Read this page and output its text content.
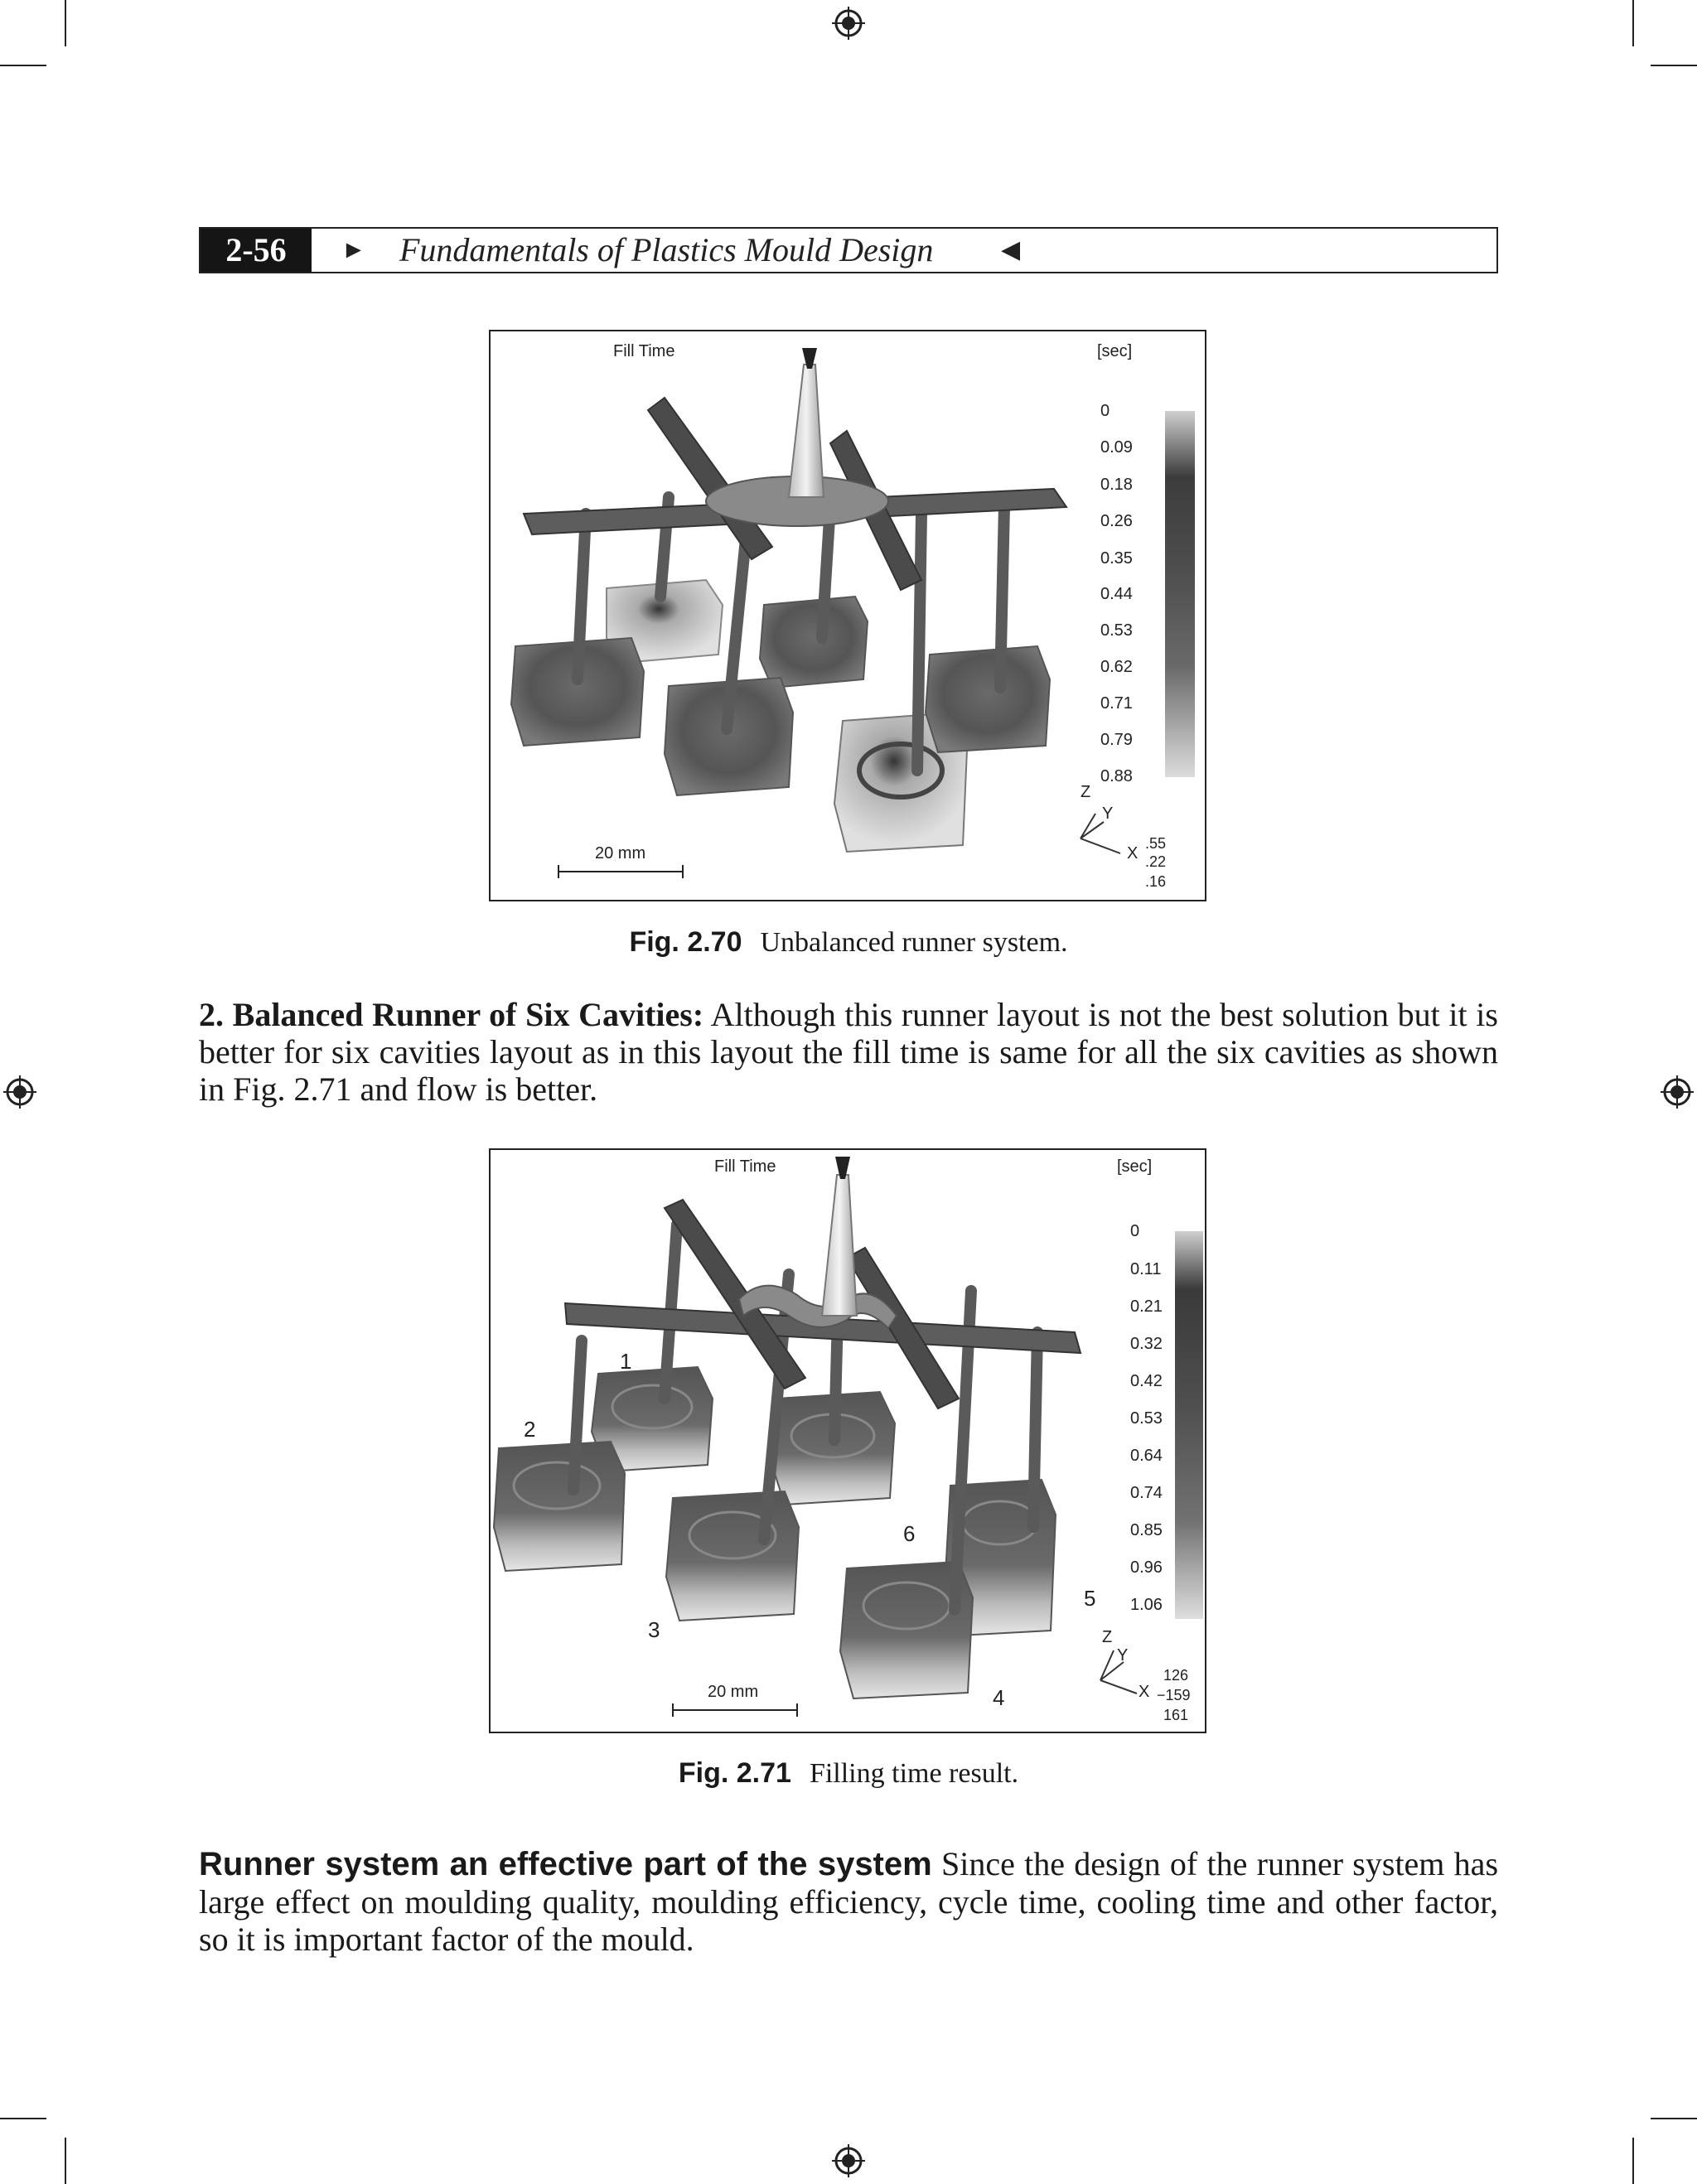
2-56	► Fundamentals of Plastics Mould Design	◀
Fill Time	[sec]
0
0.09
0.18
0.26
0.35
0.44
0.53
0.62
0.71
0.79
0.88
20 mm
Z
Y
X
.55
.22
.16
Fig. 2.70 Unbalanced runner system.
2. Balanced Runner of Six Cavities: Although this runner layout is not the best solution but it is better for six cavities layout as in this layout the fill time is same for all the six cavities as shown in Fig. 2.71 and flow is better.
Fill Time	[sec]
0
0.11
0.21
0.32
0.42
0.53
0.64
0.74
0.85
0.96
1.06
1
2
3
4
5
6
20 mm
Z
Y
X
126
−159
161
Fig. 2.71 Filling time result.
Runner system an effective part of the system Since the design of the runner system has large effect on moulding quality, moulding efficiency, cycle time, cooling time and other factor, so it is important factor of the mould.
